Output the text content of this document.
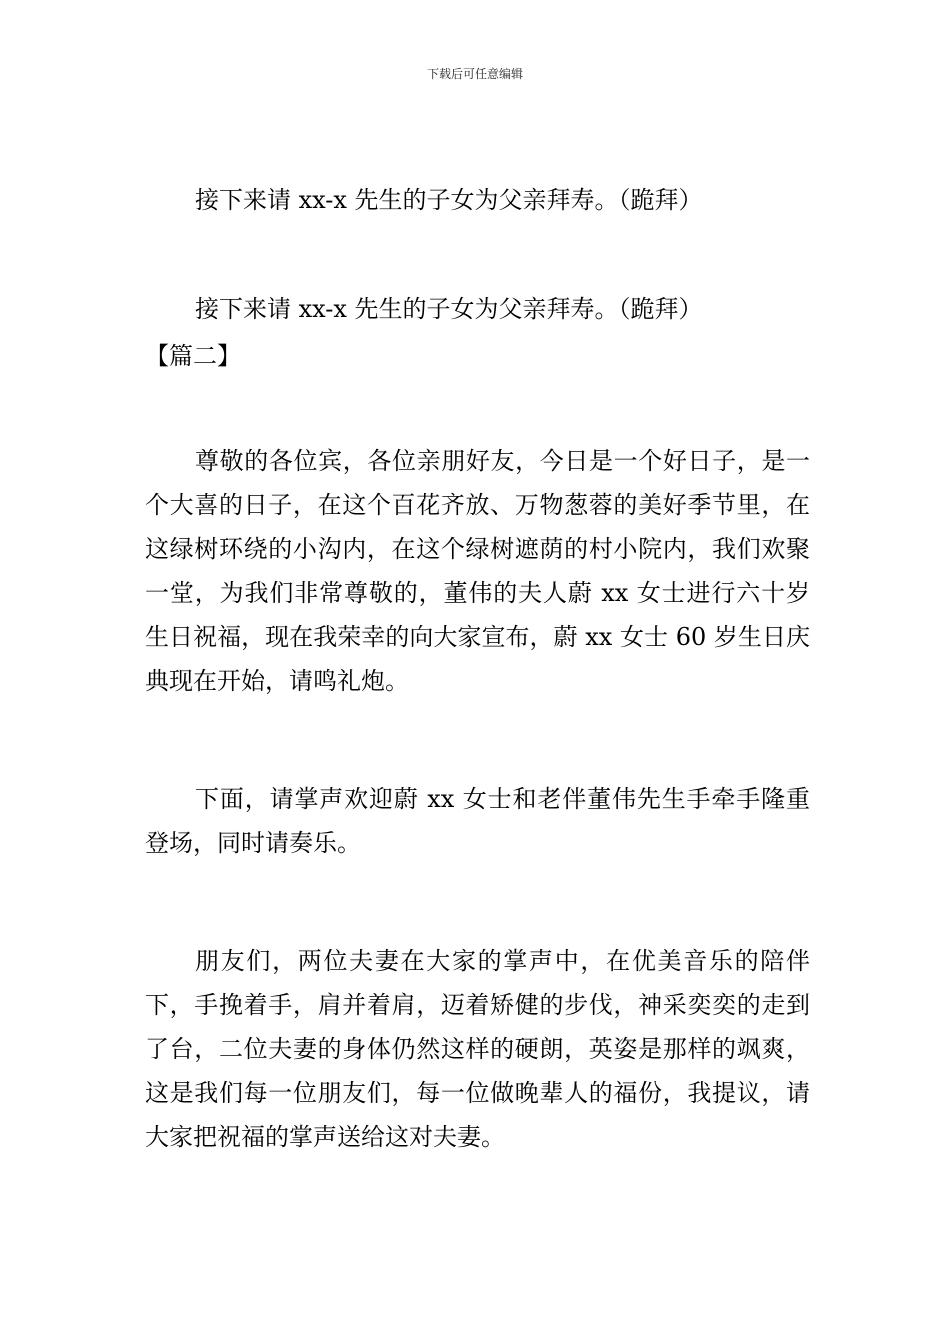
下载后可任意编辑

接下来请 xx-x 先生的子女为父亲拜寿。（跪拜）

接下来请 xx-x 先生的子女为父亲拜寿。（跪拜）

【篇二】

尊敬的各位宾，各位亲朋好友，今日是一个好日子，是一个大喜的日子，在这个百花齐放、万物葱蓉的美好季节里，在这绿树环绕的小沟内，在这个绿树遮荫的村小院内，我们欢聚一堂，为我们非常尊敬的，董伟的夫人蔚 xx 女士进行六十岁生日祝福，现在我荣幸的向大家宣布，蔚 xx 女士 60 岁生日庆典现在开始，请鸣礼炮。

下面，请掌声欢迎蔚 xx 女士和老伴董伟先生手牵手隆重登场，同时请奏乐。

朋友们，两位夫妻在大家的掌声中，在优美音乐的陪伴下，手挽着手，肩并着肩，迈着矫健的步伐，神采奕奕的走到了台，二位夫妻的身体仍然这样的硬朗，英姿是那样的飒爽，这是我们每一位朋友们，每一位做晚辈人的福份，我提议，请大家把祝福的掌声送给这对夫妻。
